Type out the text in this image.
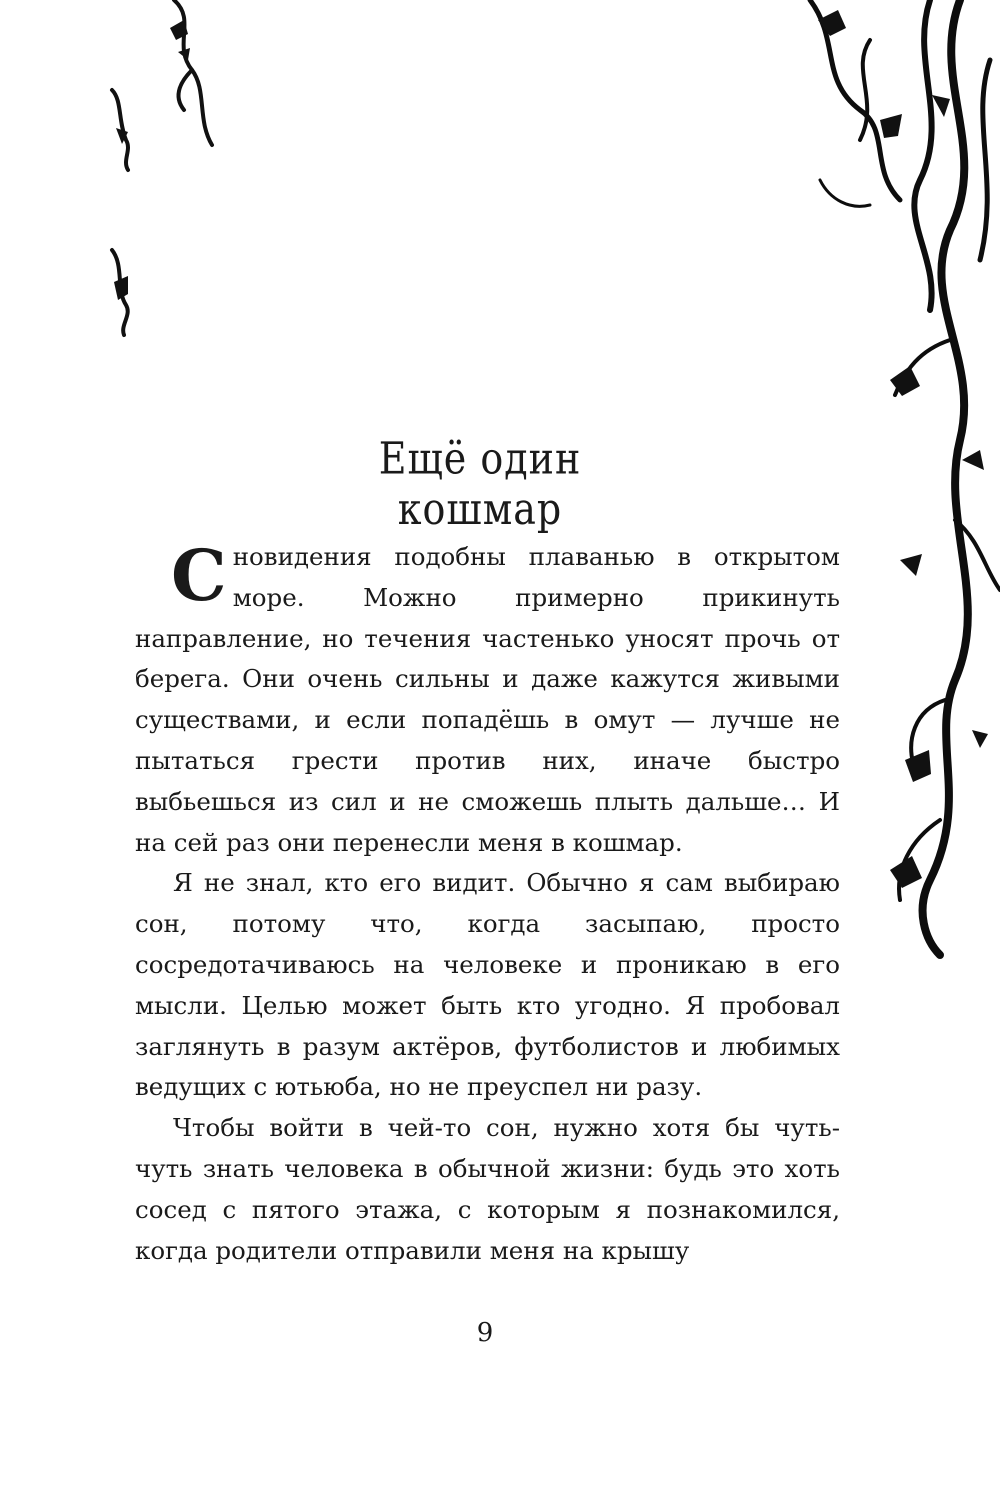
Ещё один кошмар

Сновидения подобны плаванью в открытом море. Можно примерно прикинуть направление, но течения частенько уносят прочь от берега. Они очень сильны и даже кажутся живыми существами, и если попадёшь в омут — лучше не пытаться грести против них, иначе быстро выбьешься из сил и не сможешь плыть дальше… И на сей раз они перенесли меня в кошмар.

Я не знал, кто его видит. Обычно я сам выбираю сон, потому что, когда засыпаю, просто сосредотачиваюсь на человеке и проникаю в его мысли. Целью может быть кто угодно. Я пробовал заглянуть в разум актёров, футболистов и любимых ведущих с ютьюба, но не преуспел ни разу.

Чтобы войти в чей-то сон, нужно хотя бы чуть-чуть знать человека в обычной жизни: будь это хоть сосед с пятого этажа, с которым я познакомился, когда родители отправили меня на крышу

9
